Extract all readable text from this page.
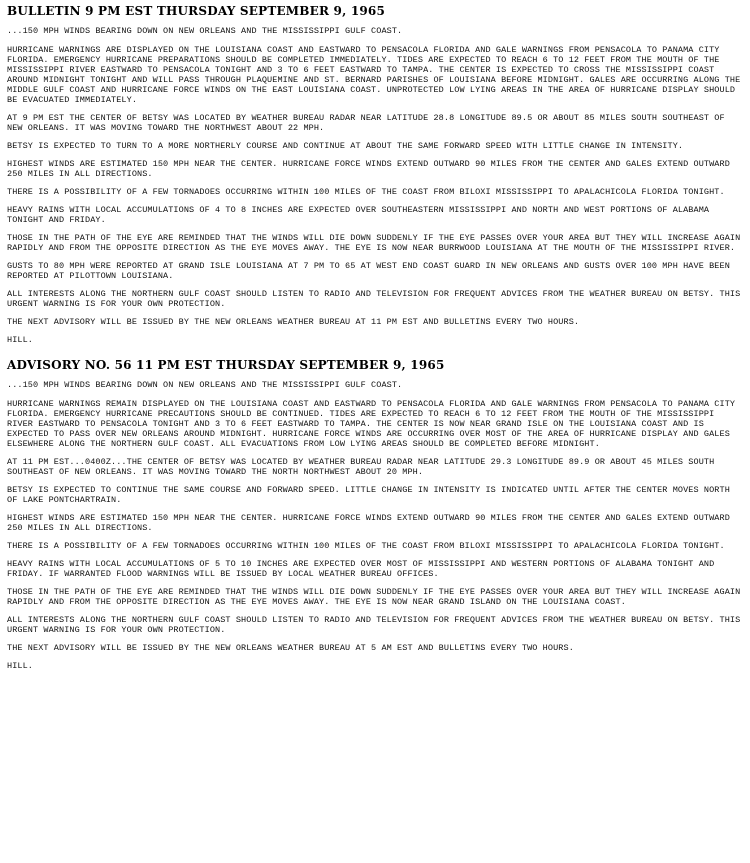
BULLETIN 9 PM EST THURSDAY SEPTEMBER 9, 1965

...150 MPH WINDS BEARING DOWN ON NEW ORLEANS AND THE MISSISSIPPI GULF COAST.

HURRICANE WARNINGS ARE DISPLAYED ON THE LOUISIANA COAST AND EASTWARD TO PENSACOLA FLORIDA AND GALE WARNINGS FROM PENSACOLA TO PANAMA CITY FLORIDA. EMERGENCY HURRICANE PREPARATIONS SHOULD BE COMPLETED IMMEDIATELY. TIDES ARE EXPECTED TO REACH 6 TO 12 FEET FROM THE MOUTH OF THE MISSISSIPPI RIVER EASTWARD TO PENSACOLA TONIGHT AND 3 TO 6 FEET EASTWARD TO TAMPA. THE CENTER IS EXPECTED TO CROSS THE MISSISSIPPI COAST AROUND MIDNIGHT TONIGHT AND WILL PASS THROUGH PLAQUEMINE AND ST. BERNARD PARISHES OF LOUISIANA BEFORE MIDNIGHT. GALES ARE OCCURRING ALONG THE MIDDLE GULF COAST AND HURRICANE FORCE WINDS ON THE EAST LOUISIANA COAST. UNPROTECTED LOW LYING AREAS IN THE AREA OF HURRICANE DISPLAY SHOULD BE EVACUATED IMMEDIATELY.

AT 9 PM EST THE CENTER OF BETSY WAS LOCATED BY WEATHER BUREAU RADAR NEAR LATITUDE 28.8 LONGITUDE 89.5 OR ABOUT 85 MILES SOUTH SOUTHEAST OF NEW ORLEANS. IT WAS MOVING TOWARD THE NORTHWEST ABOUT 22 MPH.

BETSY IS EXPECTED TO TURN TO A MORE NORTHERLY COURSE AND CONTINUE AT ABOUT THE SAME FORWARD SPEED WITH LITTLE CHANGE IN INTENSITY.

HIGHEST WINDS ARE ESTIMATED 150 MPH NEAR THE CENTER. HURRICANE FORCE WINDS EXTEND OUTWARD 90 MILES FROM THE CENTER AND GALES EXTEND OUTWARD 250 MILES IN ALL DIRECTIONS.

THERE IS A POSSIBILITY OF A FEW TORNADOES OCCURRING WITHIN 100 MILES OF THE COAST FROM BILOXI MISSISSIPPI TO APALACHICOLA FLORIDA TONIGHT.

HEAVY RAINS WITH LOCAL ACCUMULATIONS OF 4 TO 8 INCHES ARE EXPECTED OVER SOUTHEASTERN MISSISSIPPI AND NORTH AND WEST PORTIONS OF ALABAMA TONIGHT AND FRIDAY.

THOSE IN THE PATH OF THE EYE ARE REMINDED THAT THE WINDS WILL DIE DOWN SUDDENLY IF THE EYE PASSES OVER YOUR AREA BUT THEY WILL INCREASE AGAIN RAPIDLY AND FROM THE OPPOSITE DIRECTION AS THE EYE MOVES AWAY. THE EYE IS NOW NEAR BURRWOOD LOUISIANA AT THE MOUTH OF THE MISSISSIPPI RIVER.

GUSTS TO 80 MPH WERE REPORTED AT GRAND ISLE LOUISIANA AT 7 PM TO 65 AT WEST END COAST GUARD IN NEW ORLEANS AND GUSTS OVER 100 MPH HAVE BEEN REPORTED AT PILOTTOWN LOUISIANA.

ALL INTERESTS ALONG THE NORTHERN GULF COAST SHOULD LISTEN TO RADIO AND TELEVISION FOR FREQUENT ADVICES FROM THE WEATHER BUREAU ON BETSY. THIS URGENT WARNING IS FOR YOUR OWN PROTECTION.

THE NEXT ADVISORY WILL BE ISSUED BY THE NEW ORLEANS WEATHER BUREAU AT 11 PM EST AND BULLETINS EVERY TWO HOURS.

HILL.

ADVISORY NO. 56 11 PM EST THURSDAY SEPTEMBER 9, 1965

...150 MPH WINDS BEARING DOWN ON NEW ORLEANS AND THE MISSISSIPPI GULF COAST.

HURRICANE WARNINGS REMAIN DISPLAYED ON THE LOUISIANA COAST AND EASTWARD TO PENSACOLA FLORIDA AND GALE WARNINGS FROM PENSACOLA TO PANAMA CITY FLORIDA. EMERGENCY HURRICANE PRECAUTIONS SHOULD BE CONTINUED. TIDES ARE EXPECTED TO REACH 6 TO 12 FEET FROM THE MOUTH OF THE MISSISSIPPI RIVER EASTWARD TO PENSACOLA TONIGHT AND 3 TO 6 FEET EASTWARD TO TAMPA. THE CENTER IS NOW NEAR GRAND ISLE ON THE LOUISIANA COAST AND IS EXPECTED TO PASS OVER NEW ORLEANS AROUND MIDNIGHT. HURRICANE FORCE WINDS ARE OCCURRING OVER MOST OF THE AREA OF HURRICANE DISPLAY AND GALES ELSEWHERE ALONG THE NORTHERN GULF COAST. ALL EVACUATIONS FROM LOW LYING AREAS SHOULD BE COMPLETED BEFORE MIDNIGHT.

AT 11 PM EST...0400Z...THE CENTER OF BETSY WAS LOCATED BY WEATHER BUREAU RADAR NEAR LATITUDE 29.3 LONGITUDE 89.9 OR ABOUT 45 MILES SOUTH SOUTHEAST OF NEW ORLEANS. IT WAS MOVING TOWARD THE NORTH NORTHWEST ABOUT 20 MPH.

BETSY IS EXPECTED TO CONTINUE THE SAME COURSE AND FORWARD SPEED. LITTLE CHANGE IN INTENSITY IS INDICATED UNTIL AFTER THE CENTER MOVES NORTH OF LAKE PONTCHARTRAIN.

HIGHEST WINDS ARE ESTIMATED 150 MPH NEAR THE CENTER. HURRICANE FORCE WINDS EXTEND OUTWARD 90 MILES FROM THE CENTER AND GALES EXTEND OUTWARD 250 MILES IN ALL DIRECTIONS.

THERE IS A POSSIBILITY OF A FEW TORNADOES OCCURRING WITHIN 100 MILES OF THE COAST FROM BILOXI MISSISSIPPI TO APALACHICOLA FLORIDA TONIGHT.

HEAVY RAINS WITH LOCAL ACCUMULATIONS OF 5 TO 10 INCHES ARE EXPECTED OVER MOST OF MISSISSIPPI AND WESTERN PORTIONS OF ALABAMA TONIGHT AND FRIDAY. IF WARRANTED FLOOD WARNINGS WILL BE ISSUED BY LOCAL WEATHER BUREAU OFFICES.

THOSE IN THE PATH OF THE EYE ARE REMINDED THAT THE WINDS WILL DIE DOWN SUDDENLY IF THE EYE PASSES OVER YOUR AREA BUT THEY WILL INCREASE AGAIN RAPIDLY AND FROM THE OPPOSITE DIRECTION AS THE EYE MOVES AWAY. THE EYE IS NOW NEAR GRAND ISLAND ON THE LOUISIANA COAST.

ALL INTERESTS ALONG THE NORTHERN GULF COAST SHOULD LISTEN TO RADIO AND TELEVISION FOR FREQUENT ADVICES FROM THE WEATHER BUREAU ON BETSY. THIS URGENT WARNING IS FOR YOUR OWN PROTECTION.

THE NEXT ADVISORY WILL BE ISSUED BY THE NEW ORLEANS WEATHER BUREAU AT 5 AM EST AND BULLETINS EVERY TWO HOURS.

HILL.
